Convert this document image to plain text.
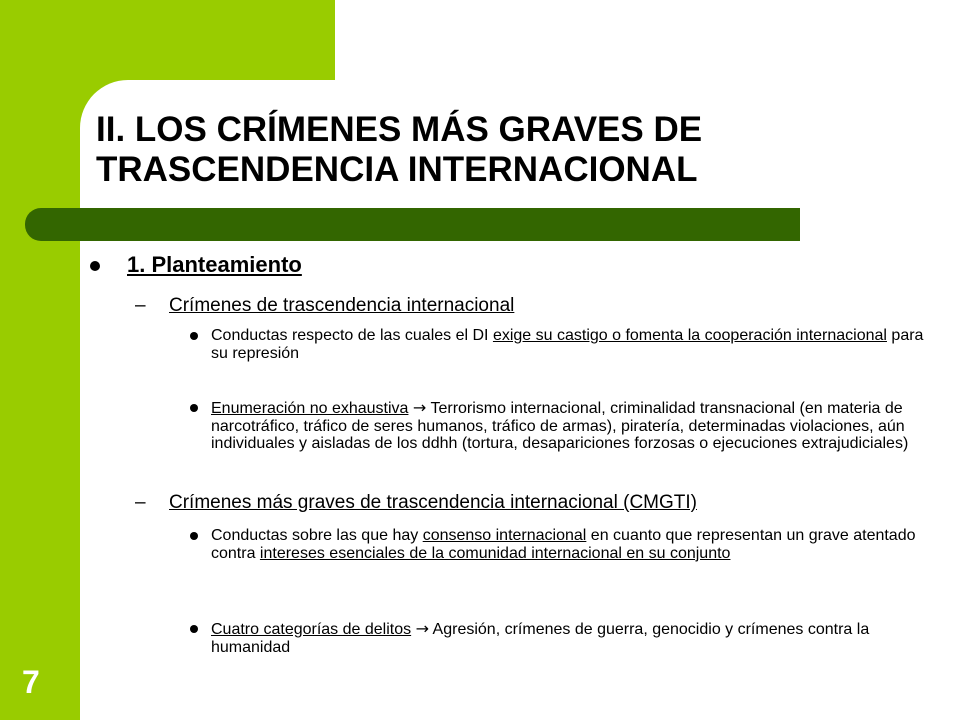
II. LOS CRÍMENES MÁS GRAVES DE TRASCENDENCIA INTERNACIONAL
1. Planteamiento
– Crímenes de trascendencia internacional
Conductas respecto de las cuales el DI exige su castigo o fomenta la cooperación internacional para su represión
Enumeración no exhaustiva → Terrorismo internacional, criminalidad transnacional (en materia de narcotráfico, tráfico de seres humanos, tráfico de armas), piratería, determinadas violaciones, aún individuales y aisladas de los ddhh (tortura, desapariciones forzosas o ejecuciones extrajudiciales)
– Crímenes más graves de trascendencia internacional (CMGTI)
Conductas sobre las que hay consenso internacional en cuanto que representan un grave atentado contra intereses esenciales de la comunidad internacional en su conjunto
Cuatro categorías de delitos → Agresión, crímenes de guerra, genocidio y crímenes contra la humanidad
7
